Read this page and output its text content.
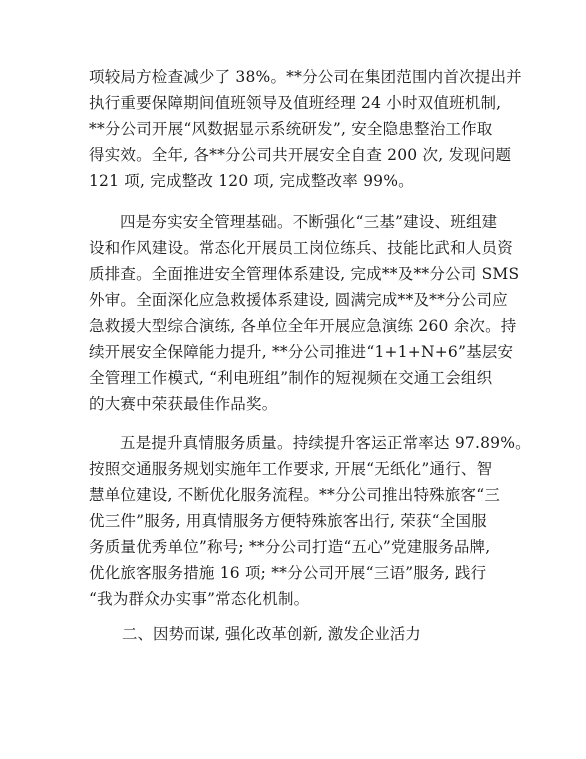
项较局方检查减少了 38%。**分公司在集团范围内首次提出并
执行重要保障期间值班领导及值班经理 24 小时双值班机制,
**分公司开展“风数据显示系统研发”, 安全隐患整治工作取
得实效。全年, 各**分公司共开展安全自查 200 次, 发现问题
121 项, 完成整改 120 项, 完成整改率 99%。
四是夯实安全管理基础。不断强化“三基”建设、班组建
设和作风建设。常态化开展员工岗位练兵、技能比武和人员资
质排查。全面推进安全管理体系建设, 完成**及**分公司 SMS
外审。全面深化应急救援体系建设, 圆满完成**及**分公司应
急救援大型综合演练, 各单位全年开展应急演练 260 余次。持
续开展安全保障能力提升, **分公司推进“1+1+N+6”基层安
全管理工作模式, “利电班组”制作的短视频在交通工会组织
的大赛中荣获最佳作品奖。
五是提升真情服务质量。持续提升客运正常率达 97.89%。
按照交通服务规划实施年工作要求, 开展“无纸化”通行、智
慧单位建设, 不断优化服务流程。**分公司推出特殊旅客“三
优三件”服务, 用真情服务方便特殊旅客出行, 荣获“全国服
务质量优秀单位”称号; **分公司打造“五心”党建服务品牌,
优化旅客服务措施 16 项; **分公司开展“三语”服务, 践行
“我为群众办实事”常态化机制。
二、因势而谋, 强化改革创新, 激发企业活力
